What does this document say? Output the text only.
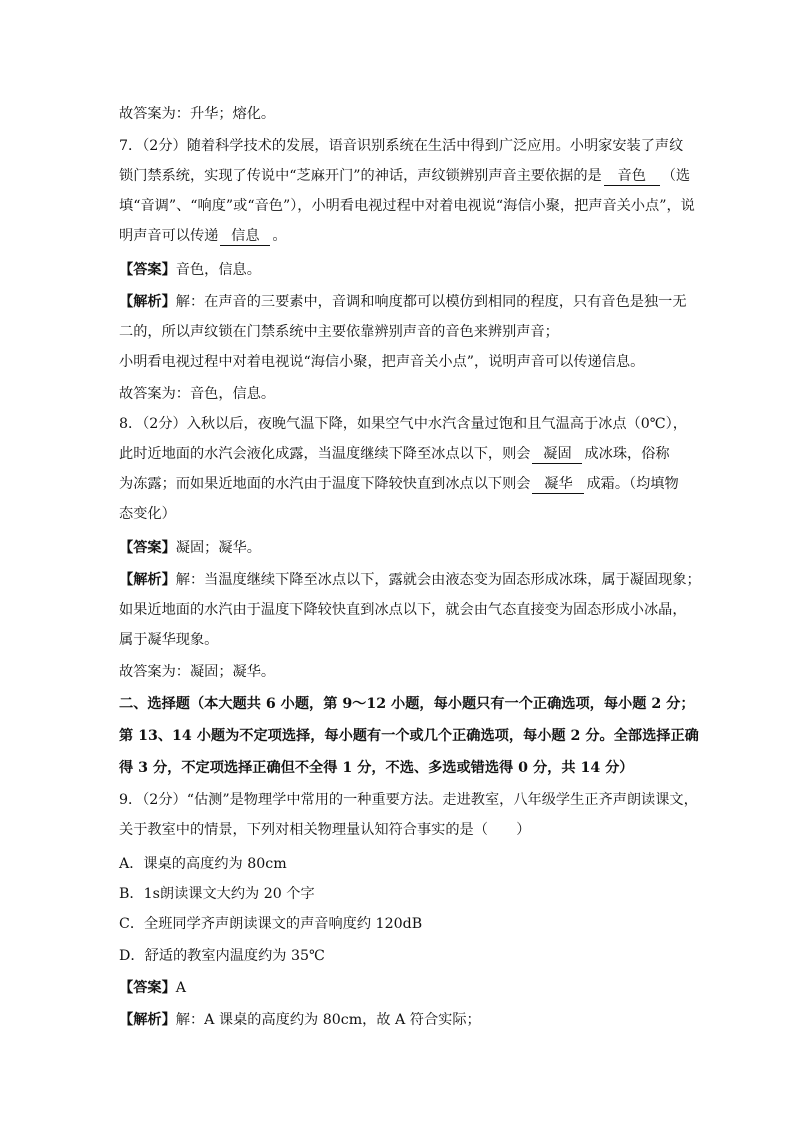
故答案为：升华；熔化。
7．（2分）随着科学技术的发展，语音识别系统在生活中得到广泛应用。小明家安装了声纹
锁门禁系统，实现了传说中“芝麻开门”的神话，声纹锁辨别声音主要依据的是 音色 （选
填“音调”、“响度”或“音色”），小明看电视过程中对着电视说“海信小聚，把声音关小点”，说
明声音可以传递 信息 。
【答案】音色，信息。
【解析】解：在声音的三要素中，音调和响度都可以模仿到相同的程度，只有音色是独一无
二的，所以声纹锁在门禁系统中主要依靠辨别声音的音色来辨别声音；
小明看电视过程中对着电视说“海信小聚，把声音关小点”，说明声音可以传递信息。
故答案为：音色，信息。
8．（2分）入秋以后，夜晚气温下降，如果空气中水汽含量过饱和且气温高于冰点（0℃），
此时近地面的水汽会液化成露，当温度继续下降至冰点以下，则会 凝固 成冰珠，俗称
为冻露；而如果近地面的水汽由于温度下降较快直到冰点以下则会 凝华 成霜。（均填物
态变化）
【答案】凝固；凝华。
【解析】解：当温度继续下降至冰点以下，露就会由液态变为固态形成冰珠，属于凝固现象；
如果近地面的水汽由于温度下降较快直到冰点以下，就会由气态直接变为固态形成小冰晶，
属于凝华现象。
故答案为：凝固；凝华。
二、选择题（本大题共 6 小题，第 9～12 小题，每小题只有一个正确选项，每小题 2 分；
第 13、14 小题为不定项选择，每小题有一个或几个正确选项，每小题 2 分。全部选择正确
得 3 分，不定项选择正确但不全得 1 分，不选、多选或错选得 0 分，共 14 分）
9．（2分）“估测”是物理学中常用的一种重要方法。走进教室，八年级学生正齐声朗读课文，
关于教室中的情景，下列对相关物理量认知符合事实的是（　　）
A．课桌的高度约为 80cm
B．1s朗读课文大约为 20 个字
C．全班同学齐声朗读课文的声音响度约 120dB
D．舒适的教室内温度约为 35℃
【答案】A
【解析】解：A 课桌的高度约为 80cm，故 A 符合实际；
